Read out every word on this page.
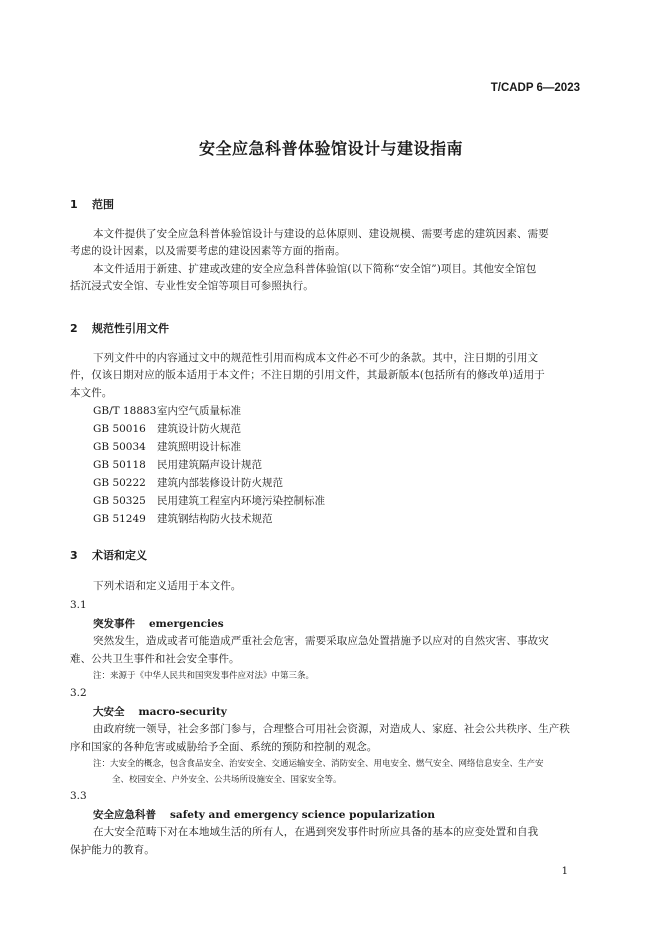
T/CADP 6—2023
安全应急科普体验馆设计与建设指南
1 范围
本文件提供了安全应急科普体验馆设计与建设的总体原则、建设规模、需要考虑的建筑因素、需要
考虑的设计因素，以及需要考虑的建设因素等方面的指南。
本文件适用于新建、扩建或改建的安全应急科普体验馆(以下简称“安全馆”)项目。其他安全馆包
括沉浸式安全馆、专业性安全馆等项目可参照执行。
2 规范性引用文件
下列文件中的内容通过文中的规范性引用而构成本文件必不可少的条款。其中，注日期的引用文
件，仅该日期对应的版本适用于本文件；不注日期的引用文件，其最新版本(包括所有的修改单)适用于
本文件。
GB/T 18883室内空气质量标准
GB 50016 建筑设计防火规范
GB 50034 建筑照明设计标准
GB 50118 民用建筑隔声设计规范
GB 50222 建筑内部装修设计防火规范
GB 50325 民用建筑工程室内环境污染控制标准
GB 51249 建筑钢结构防火技术规范
3 术语和定义
下列术语和定义适用于本文件。
3.1
突发事件 emergencies
突然发生，造成或者可能造成严重社会危害，需要采取应急处置措施予以应对的自然灾害、事故灾
难、公共卫生事件和社会安全事件。
注：来源于《中华人民共和国突发事件应对法》中第三条。
3.2
大安全 macro-security
由政府统一领导，社会多部门参与，合理整合可用社会资源，对造成人、家庭、社会公共秩序、生产秩
序和国家的各种危害或威胁给予全面、系统的预防和控制的观念。
注：大安全的概念，包含食品安全、治安安全、交通运输安全、消防安全、用电安全、燃气安全、网络信息安全、生产安
全、校园安全、户外安全、公共场所设施安全、国家安全等。
3.3
安全应急科普 safety and emergency science popularization
在大安全范畴下对在本地域生活的所有人，在遇到突发事件时所应具备的基本的应变处置和自我
保护能力的教育。
1
